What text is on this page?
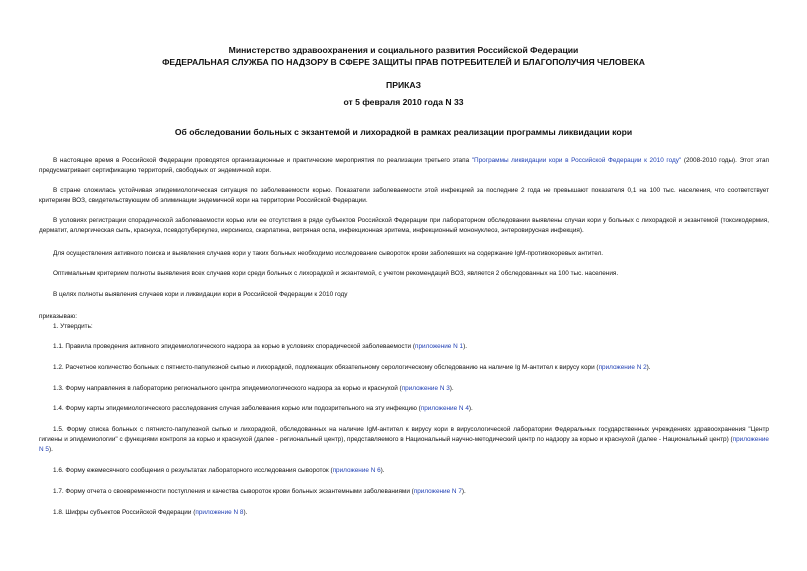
Министерство здравоохранения и социального развития Российской Федерации
ФЕДЕРАЛЬНАЯ СЛУЖБА ПО НАДЗОРУ В СФЕРЕ ЗАЩИТЫ ПРАВ ПОТРЕБИТЕЛЕЙ И БЛАГОПОЛУЧИЯ ЧЕЛОВЕКА
ПРИКАЗ
от 5 февраля 2010 года N 33
Об обследовании больных с экзантемой и лихорадкой в рамках реализации программы ликвидации кори
В настоящее время в Российской Федерации проводятся организационные и практические мероприятия по реализации третьего этапа "Программы ликвидации кори в Российской Федерации к 2010 году" (2008-2010 годы). Этот этап предусматривает сертификацию территорий, свободных от эндемичной кори.
В стране сложилась устойчивая эпидемиологическая ситуация по заболеваемости корью. Показатели заболеваемости этой инфекцией за последние 2 года не превышают показателя 0,1 на 100 тыс. населения, что соответствует критериям ВОЗ, свидетельствующим об элиминации эндемичной кори на территории Российской Федерации.
В условиях регистрации спорадической заболеваемости корью или ее отсутствия в ряде субъектов Российской Федерации при лабораторном обследовании выявлены случаи кори у больных с лихорадкой и экзантемой (токсикодермия, дерматит, аллергическая сыпь, краснуха, псевдотуберкулез, иерсиниоз, скарлатина, ветряная оспа, инфекционная эритема, инфекционный мононуклеоз, энтеровирусная инфекция).
Для осуществления активного поиска и выявления случаев кори у таких больных необходимо исследование сывороток крови заболевших на содержание IgM-противокоревых антител.
Оптимальным критерием полноты выявления всех случаев кори среди больных с лихорадкой и экзантемой, с учетом рекомендаций ВОЗ, является 2 обследованных на 100 тыс. населения.
В целях полноты выявления случаев кори и ликвидации кори в Российской Федерации к 2010 году
приказываю:
1. Утвердить:
1.1. Правила проведения активного эпидемиологического надзора за корью в условиях спорадической заболеваемости (приложение N 1).
1.2. Расчетное количество больных с пятнисто-папулезной сыпью и лихорадкой, подлежащих обязательному серологическому обследованию на наличие Ig M-антител к вирусу кори (приложение N 2).
1.3. Форму направления в лабораторию регионального центра эпидемиологического надзора за корью и краснухой (приложение N 3).
1.4. Форму карты эпидемиологического расследования случая заболевания корью или подозрительного на эту инфекцию (приложение N 4).
1.5. Форму списка больных с пятнисто-папулезной сыпью и лихорадкой, обследованных на наличие IgM-антител к вирусу кори в вирусологической лаборатории Федеральных государственных учреждениях здравоохранения "Центр гигиены и эпидемиологии" с функциями контроля за корью и краснухой (далее - региональный центр), представляемого в Национальный научно-методический центр по надзору за корью и краснухой (далее - Национальный центр) (приложение N 5).
1.6. Форму ежемесячного сообщения о результатах лабораторного исследования сывороток (приложение N 6).
1.7. Форму отчета о своевременности поступления и качества сывороток крови больных экзантемными заболеваниями (приложение N 7).
1.8. Шифры субъектов Российской Федерации (приложение N 8).
